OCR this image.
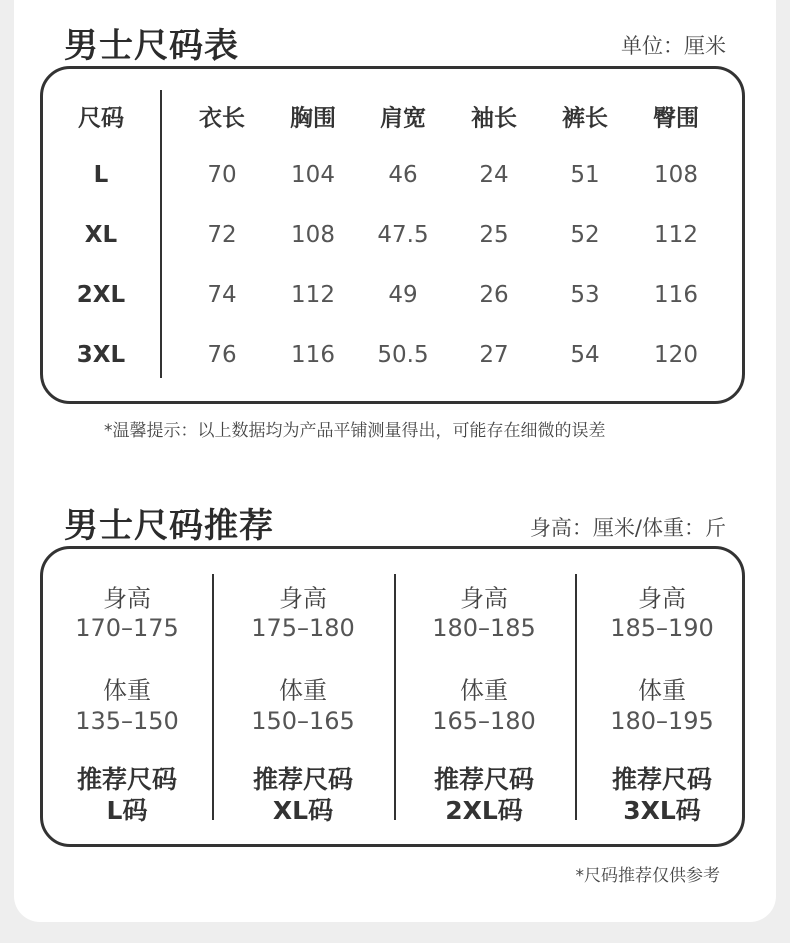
男士尺码表	单位：厘米
尺码	衣长 胸围 肩宽 袖长 裤长 臀围
L	70 104 46	24	51 108
XL	72 108 47.5 25	52 112
2XL	74 112 49	26	53 116
3XL	76 116 50.5 27	54 120
*温馨提示：以上数据均为产品平铺测量得出，可能存在细微的误差
男士尺码推荐	身高：厘米/体重：斤
身高
170–175
体重
135–150
推荐尺码
L码
身高
175–180
体重
150–165
推荐尺码
XL码
身高
180–185
体重
165–180
推荐尺码
2XL码
身高
185–190
体重
180–195
推荐尺码
3XL码
*尺码推荐仅供参考
